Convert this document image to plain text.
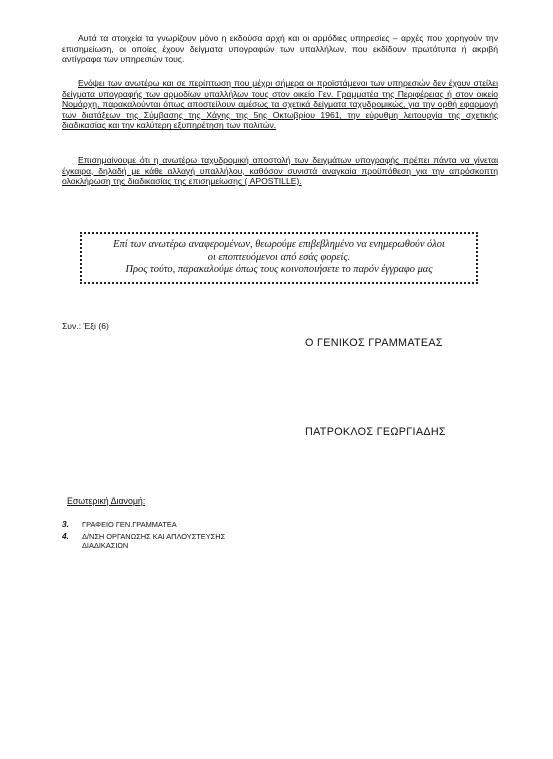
Αυτά τα στοιχεία τα γνωρίζουν μόνο η εκδούσα αρχή και οι αρμόδιες υπηρεσίες – αρχές που χορηγούν την επισημείωση, οι οποίες έχουν δείγματα υπογραφών των υπαλλήλων, που εκδίδουν πρωτότυπα ή ακριβή αντίγραφα των υπηρεσιών τους.
Ενόψει των ανωτέρω και σε περίπτωση που μέχρι σήμερα οι προϊστάμενοι των υπηρεσιών δεν έχουν στείλει δείγματα υπογραφής των αρμοδίων υπαλλήλων τους στον οικείο Γεν. Γραμματέα της Περιφέρειας ή στον οικείο Νομάρχη, παρακαλούνται όπως αποστείλουν αμέσως τα σχετικά δείγματα ταχυδρομικώς, για την ορθή εφαρμογή των διατάξεων της Σύμβασης της Χάγης της 5ης Οκτωβρίου 1961, την εύρυθμη λειτουργία της σχετικής διαδικασίας και την καλύτερη εξυπηρέτηση των πολιτών.
Επισημαίνουμε ότι η ανωτέρω ταχυδρομική αποστολή των δειγμάτων υπογραφής πρέπει πάντα να γίνεται έγκαιρα, δηλαδή με κάθε αλλαγή υπαλλήλου, καθόσον συνιστά αναγκαία προϋπόθεση για την απρόσκοπτη ολοκλήρωση της διαδικασίας της επισημείωσης ( APOSTILLE).
Επί των ανωτέρω αναφερομένων, θεωρούμε επιβεβλημένο να ενημερωθούν όλοι
οι εποπτευόμενοι από εσάς φορείς.
Προς τούτο, παρακαλούμε όπως τους κοινοποιήσετε το παρόν έγγραφο μας
Συν.: Έξι (6)
Ο ΓΕΝΙΚΟΣ ΓΡΑΜΜΑΤΕΑΣ
ΠΑΤΡΟΚΛΟΣ ΓΕΩΡΓΙΑΔΗΣ
Εσωτερική Διανομή:
3. ΓΡΑΦΕΙΟ ΓΕΝ.ΓΡΑΜΜΑΤΕΑ
4. Δ/ΝΣΗ ΟΡΓΑΝΩΣΗΣ ΚΑΙ ΑΠΛΟΥΣΤΕΥΣΗΣ
ΔΙΑΔΙΚΑΣΙΩΝ
